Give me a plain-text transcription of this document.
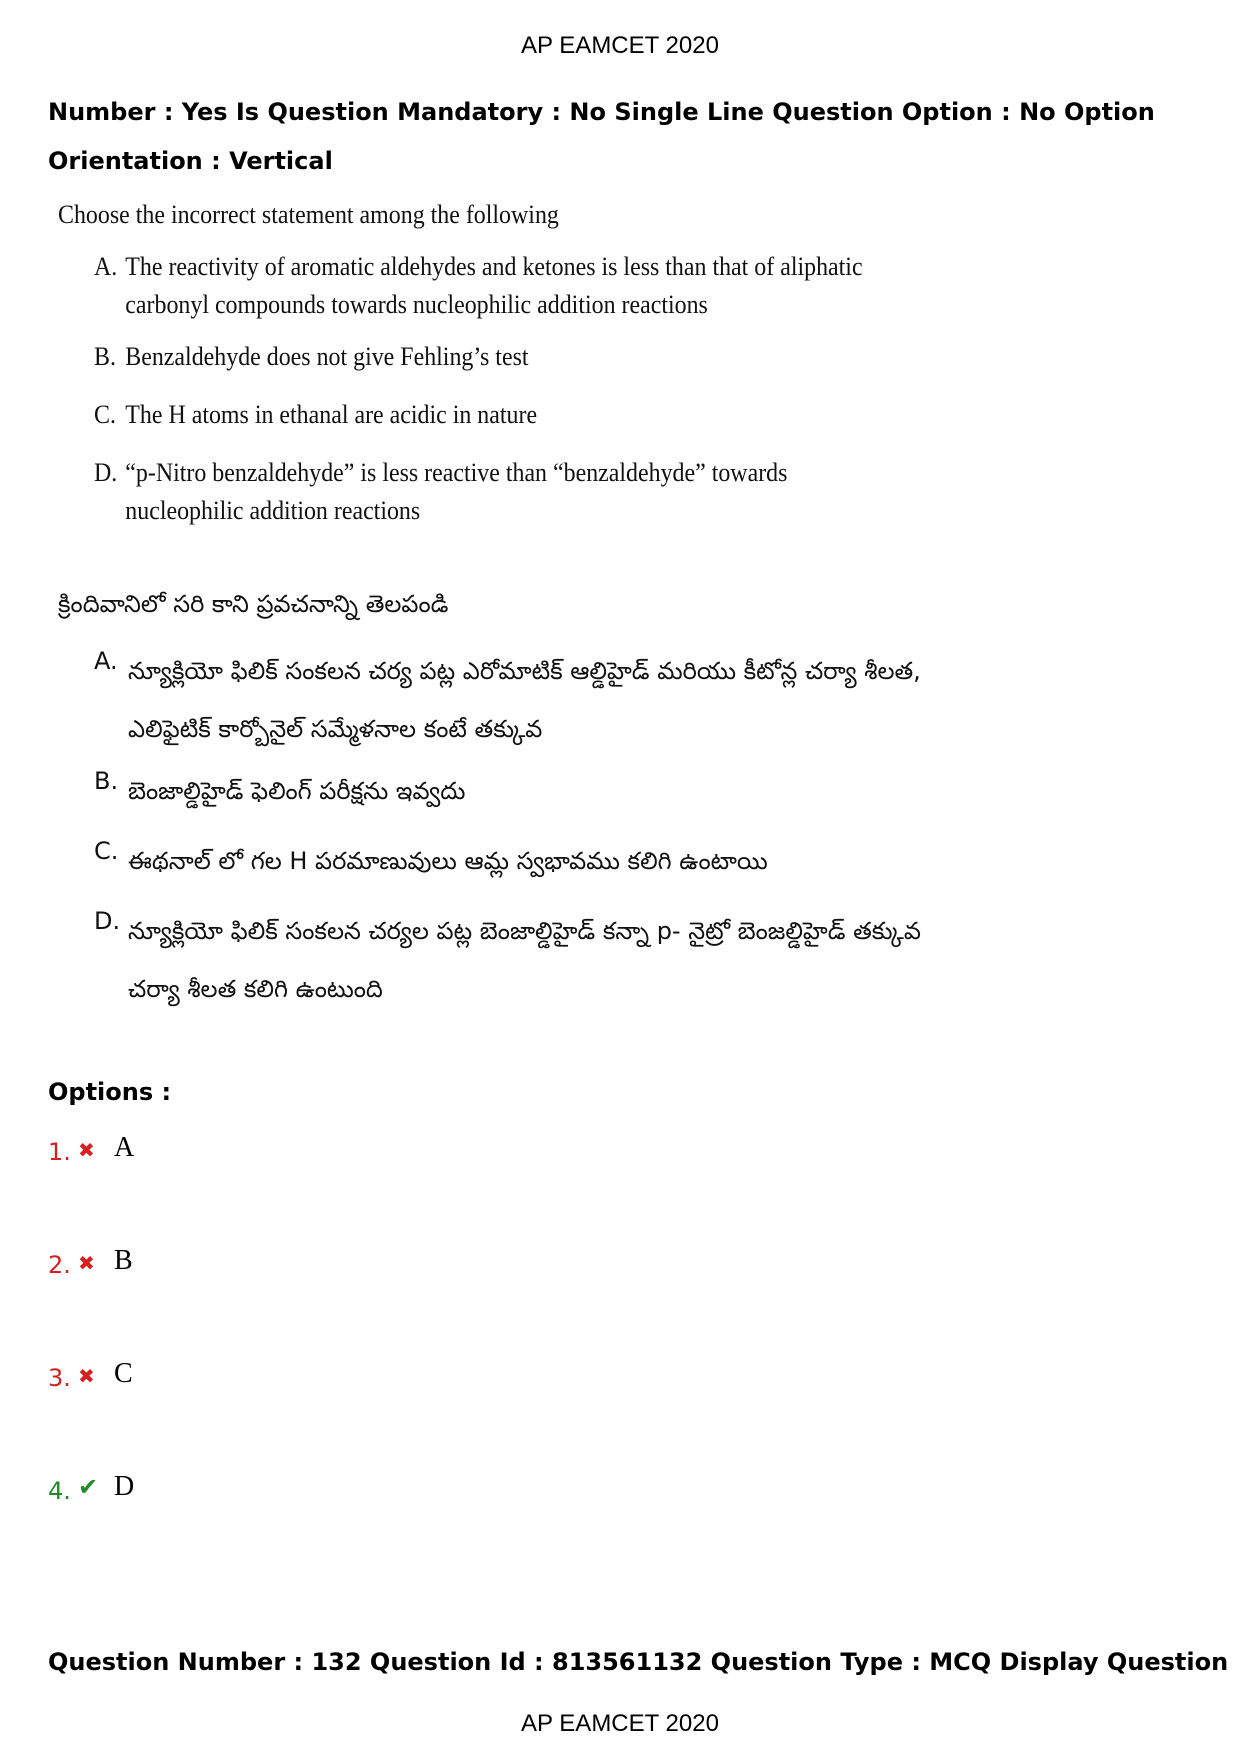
AP EAMCET 2020
Number : Yes Is Question Mandatory : No Single Line Question Option : No Option
Orientation : Vertical
Choose the incorrect statement among the following
A. The reactivity of aromatic aldehydes and ketones is less than that of aliphatic carbonyl compounds towards nucleophilic addition reactions
B. Benzaldehyde does not give Fehling’s test
C. The H atoms in ethanal are acidic in nature
D. “p-Nitro benzaldehyde” is less reactive than “benzaldehyde” towards nucleophilic addition reactions
క్రిందివానిలో సరి కాని ప్రవచనాన్ని తెలపండి
A. న్యూక్లియో ఫిలిక్ సంకలన చర్య పట్ల ఎరోమాటిక్ ఆల్డిహైడ్ మరియు కీటోన్ల చర్యా శీలత, ఎలిఫైటిక్ కార్బోనైల్ సమ్మేళనాల కంటే తక్కువ
B. బెంజాల్డిహైడ్ ఫెలింగ్ పరీక్షను ఇవ్వదు
C. ఈథనాల్ లో గల H పరమాణువులు ఆమ్ల స్వభావము కలిగి ఉంటాయి
D. న్యూక్లియో ఫిలిక్ సంకలన చర్యల పట్ల బెంజాల్డిహైడ్ కన్నా p- నైట్రో బెంజల్డిహైడ్ తక్కువ చర్యా శీలత కలిగి ఉంటుంది
Options :
1. ✖ A
2. ✖ B
3. ✖ C
4. ✔ D
Question Number : 132 Question Id : 813561132 Question Type : MCQ Display Question
AP EAMCET 2020
